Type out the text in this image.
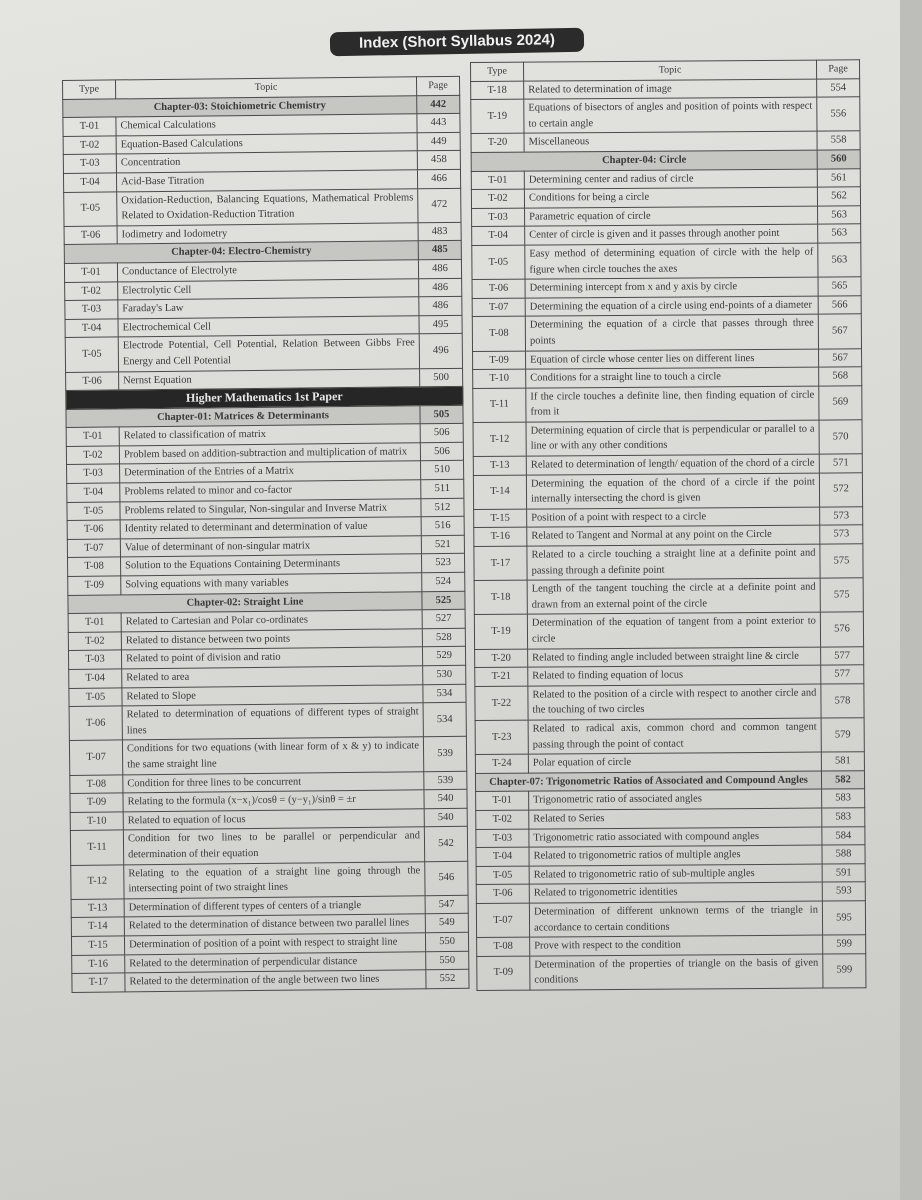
Index (Short Syllabus 2024)
Type	Topic	Page
Chapter-03: Stoichiometric Chemistry		442
T-01	Chemical Calculations	443
T-02	Equation-Based Calculations	449
T-03	Concentration	458
T-04	Acid-Base Titration	466
T-05	Oxidation-Reduction, Balancing Equations, Mathematical Problems Related to Oxidation-Reduction Titration	472
T-06	Iodimetry and Iodometry	483
Chapter-04: Electro-Chemistry		485
T-01	Conductance of Electrolyte	486
T-02	Electrolytic Cell	486
T-03	Faraday's Law	486
T-04	Electrochemical Cell	495
T-05	Electrode Potential, Cell Potential, Relation Between Gibbs Free Energy and Cell Potential	496
T-06	Nernst Equation	500
Higher Mathematics 1st Paper		
Chapter-01: Matrices & Determinants		505
T-01	Related to classification of matrix	506
T-02	Problem based on addition-subtraction and multiplication of matrix	506
T-03	Determination of the Entries of a Matrix	510
T-04	Problems related to minor and co-factor	511
T-05	Problems related to Singular, Non-singular and Inverse Matrix	512
T-06	Identity related to determinant and determination of value	516
T-07	Value of determinant of non-singular matrix	521
T-08	Solution to the Equations Containing Determinants	523
T-09	Solving equations with many variables	524
Chapter-02: Straight Line		525
T-01	Related to Cartesian and Polar co-ordinates	527
T-02	Related to distance between two points	528
T-03	Related to point of division and ratio	529
T-04	Related to area	530
T-05	Related to Slope	534
T-06	Related to determination of equations of different types of straight lines	534
T-07	Conditions for two equations (with linear form of x & y) to indicate the same straight line	539
T-08	Condition for three lines to be concurrent	539
T-09	Relating to the formula (x−x₁)/cosθ = (y−y₁)/sinθ = ±r	540
T-10	Related to equation of locus	540
T-11	Condition for two lines to be parallel or perpendicular and determination of their equation	542
T-12	Relating to the equation of a straight line going through the intersecting point of two straight lines	546
T-13	Determination of different types of centers of a triangle	547
T-14	Related to the determination of distance between two parallel lines	549
T-15	Determination of position of a point with respect to straight line	550
T-16	Related to the determination of perpendicular distance	550
T-17	Related to the determination of the angle between two lines	552
Type	Topic	Page
T-18	Related to determination of image	554
T-19	Equations of bisectors of angles and position of points with respect to certain angle	556
T-20	Miscellaneous	558
Chapter-04: Circle		560
T-01	Determining center and radius of circle	561
T-02	Conditions for being a circle	562
T-03	Parametric equation of circle	563
T-04	Center of circle is given and it passes through another point	563
T-05	Easy method of determining equation of circle with the help of figure when circle touches the axes	563
T-06	Determining intercept from x and y axis by circle	565
T-07	Determining the equation of a circle using end-points of a diameter	566
T-08	Determining the equation of a circle that passes through three points	567
T-09	Equation of circle whose center lies on different lines	567
T-10	Conditions for a straight line to touch a circle	568
T-11	If the circle touches a definite line, then finding equation of circle from it	569
T-12	Determining equation of circle that is perpendicular or parallel to a line or with any other conditions	570
T-13	Related to determination of length/ equation of the chord of a circle	571
T-14	Determining the equation of the chord of a circle if the point internally intersecting the chord is given	572
T-15	Position of a point with respect to a circle	573
T-16	Related to Tangent and Normal at any point on the Circle	573
T-17	Related to a circle touching a straight line at a definite point and passing through a definite point	575
T-18	Length of the tangent touching the circle at a definite point and drawn from an external point of the circle	575
T-19	Determination of the equation of tangent from a point exterior to circle	576
T-20	Related to finding angle included between straight line & circle	577
T-21	Related to finding equation of locus	577
T-22	Related to the position of a circle with respect to another circle and the touching of two circles	578
T-23	Related to radical axis, common chord and common tangent passing through the point of contact	579
T-24	Polar equation of circle	581
Chapter-07: Trigonometric Ratios of Associated and Compound Angles		582
T-01	Trigonometric ratio of associated angles	583
T-02	Related to Series	583
T-03	Trigonometric ratio associated with compound angles	584
T-04	Related to trigonometric ratios of multiple angles	588
T-05	Related to trigonometric ratio of sub-multiple angles	591
T-06	Related to trigonometric identities	593
T-07	Determination of different unknown terms of the triangle in accordance to certain conditions	595
T-08	Prove with respect to the condition	599
T-09	Determination of the properties of triangle on the basis of given conditions	599
